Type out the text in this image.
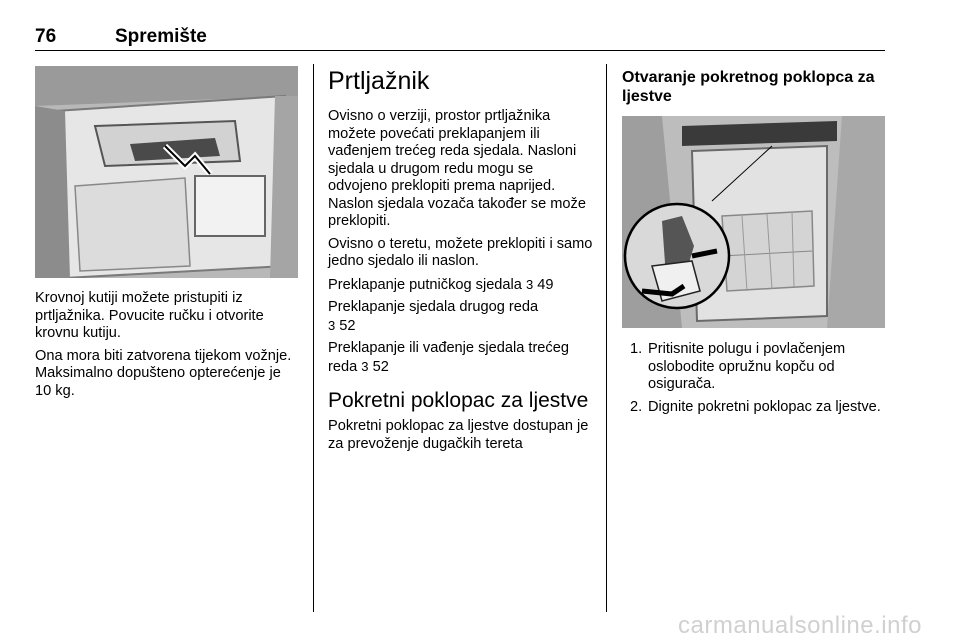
76	Spremište

Krovnoj kutiji možete pristupiti iz prtljažnika. Povucite ručku i otvorite krovnu kutiju.

Ona mora biti zatvorena tijekom vožnje. Maksimalno dopušteno opterećenje je 10 kg.

Prtljažnik

Ovisno o verziji, prostor prtljažnika možete povećati preklapanjem ili vađenjem trećeg reda sjedala. Nasloni sjedala u drugom redu mogu se odvojeno preklopiti prema naprijed. Naslon sjedala vozača također se može preklopiti.

Ovisno o teretu, možete preklopiti i samo jedno sjedalo ili naslon.

Preklapanje putničkog sjedala 3 49

Preklapanje sjedala drugog reda
3 52

Preklapanje ili vađenje sjedala trećeg reda 3 52

Pokretni poklopac za ljestve

Pokretni poklopac za ljestve dostupan je za prevoženje dugačkih tereta

Otvaranje pokretnog poklopca za ljestve
1. Pritisnite polugu i povlačenjem oslobodite opružnu kopču od osigurača.
2. Dignite pokretni poklopac za ljestve.
carmanualsonline.info
